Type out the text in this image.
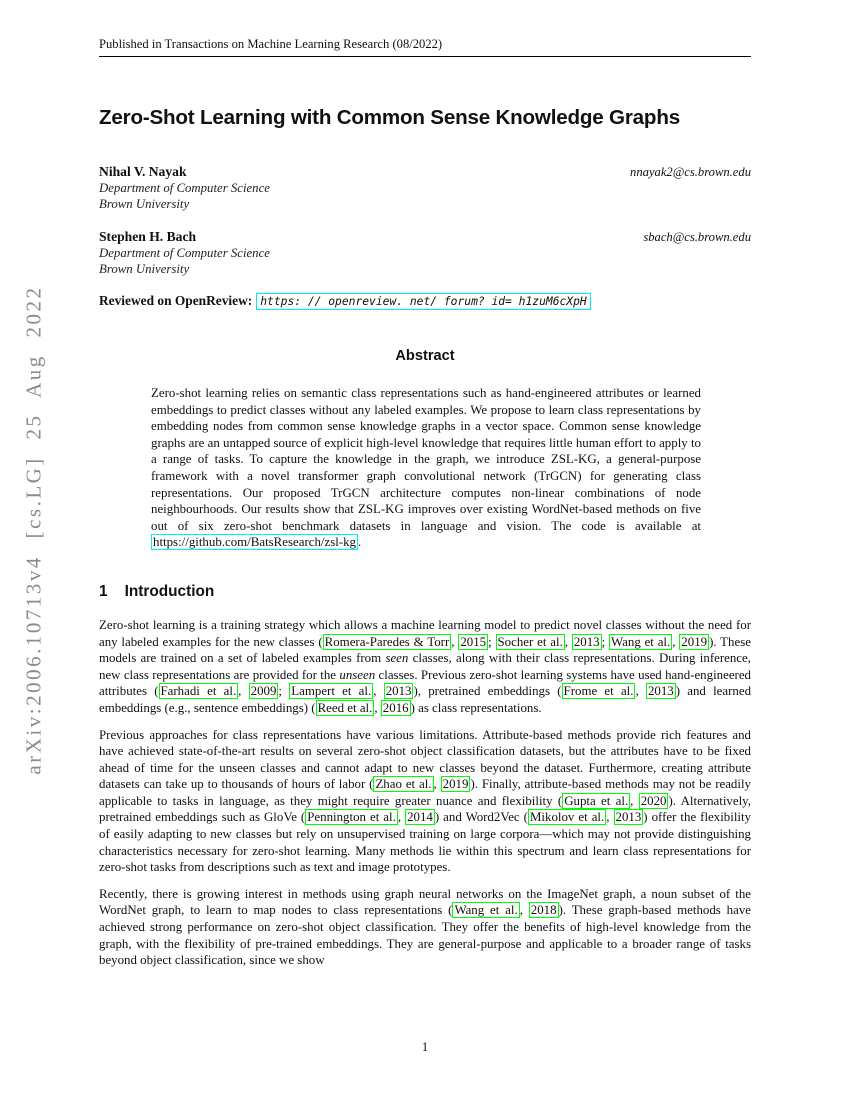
arXiv:2006.10713v4 [cs.LG] 25 Aug 2022
Published in Transactions on Machine Learning Research (08/2022)
Zero-Shot Learning with Common Sense Knowledge Graphs
Nihal V. Nayak	nnayak2@cs.brown.edu
Department of Computer Science
Brown University
Stephen H. Bach	sbach@cs.brown.edu
Department of Computer Science
Brown University
Reviewed on OpenReview: https: // openreview. net/ forum? id= h1zuM6cXpH
Abstract

Zero-shot learning relies on semantic class representations such as hand-engineered attributes or learned embeddings to predict classes without any labeled examples. We propose to learn class representations by embedding nodes from common sense knowledge graphs in a vector space. Common sense knowledge graphs are an untapped source of explicit high-level knowledge that requires little human effort to apply to a range of tasks. To capture the knowledge in the graph, we introduce ZSL-KG, a general-purpose framework with a novel transformer graph convolutional network (TrGCN) for generating class representations. Our proposed TrGCN architecture computes non-linear combinations of node neighbourhoods. Our results show that ZSL-KG improves over existing WordNet-based methods on five out of six zero-shot benchmark datasets in language and vision. The code is available at https://github.com/BatsResearch/zsl-kg .

1 Introduction

Zero-shot learning is a training strategy which allows a machine learning model to predict novel classes without the need for any labeled examples for the new classes ( Romera-Paredes & Torr , 2015 ; Socher et al. , 2013 ; Wang et al. , 2019 ). These models are trained on a set of labeled examples from seen classes, along with their class representations. During inference, new class representations are provided for the unseen classes. Previous zero-shot learning systems have used hand-engineered attributes ( Farhadi et al. , 2009 ; Lampert et al. , 2013 ), pretrained embeddings ( Frome et al. , 2013 ) and learned embeddings (e.g., sentence embeddings) ( Reed et al. , 2016 ) as class representations.

Previous approaches for class representations have various limitations. Attribute-based methods provide rich features and have achieved state-of-the-art results on several zero-shot object classification datasets, but the attributes have to be fixed ahead of time for the unseen classes and cannot adapt to new classes beyond the dataset. Furthermore, creating attribute datasets can take up to thousands of hours of labor ( Zhao et al. , 2019 ). Finally, attribute-based methods may not be readily applicable to tasks in language, as they might require greater nuance and flexibility ( Gupta et al. , 2020 ). Alternatively, pretrained embeddings such as GloVe ( Pennington et al. , 2014 ) and Word2Vec ( Mikolov et al. , 2013 ) offer the flexibility of easily adapting to new classes but rely on unsupervised training on large corpora—which may not provide distinguishing characteristics necessary for zero-shot learning. Many methods lie within this spectrum and learn class representations for zero-shot tasks from descriptions such as text and image prototypes.

Recently, there is growing interest in methods using graph neural networks on the ImageNet graph, a noun subset of the WordNet graph, to learn to map nodes to class representations ( Wang et al. , 2018 ). These graph-based methods have achieved strong performance on zero-shot object classification. They offer the benefits of high-level knowledge from the graph, with the flexibility of pre-trained embeddings. They are general-purpose and applicable to a broader range of tasks beyond object classification, since we show

1
